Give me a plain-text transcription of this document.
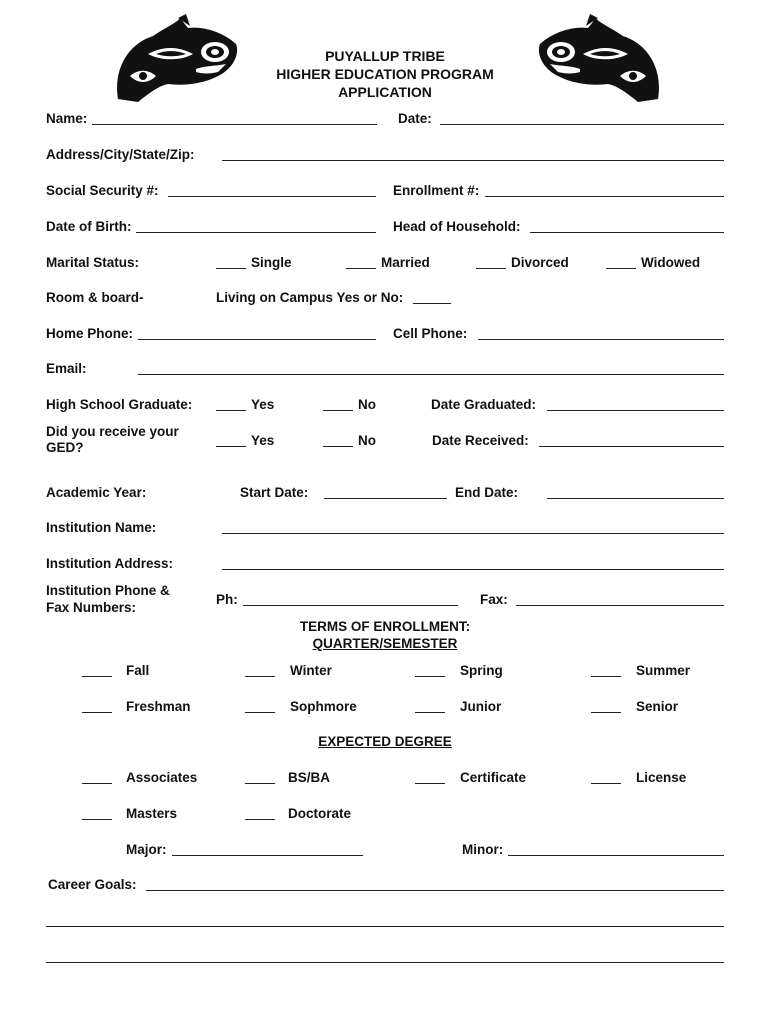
PUYALLUP TRIBE
HIGHER EDUCATION PROGRAM
APPLICATION
Name:	Date:
Address/City/State/Zip:
Social Security #:	Enrollment #:
Date of Birth:	Head of Household:
Marital Status:	Single	Married	Divorced	Widowed
Room & board-	Living on Campus Yes or No:
Home Phone:	Cell Phone:
Email:
High School Graduate:	Yes	No	Date Graduated:
Did you receive your
GED?	Yes	No	Date Received:
Academic Year:	Start Date:	End Date:
Institution Name:
Institution Address:
Institution Phone &
Fax Numbers:
Ph:	Fax:
TERMS OF ENROLLMENT:
QUARTER/SEMESTER
Fall	Winter	Spring	Summer
Freshman	Sophmore	Junior	Senior
EXPECTED DEGREE
Associates	BS/BA	Certificate	License
Masters	Doctorate
Major:	Minor:
Career Goals:
